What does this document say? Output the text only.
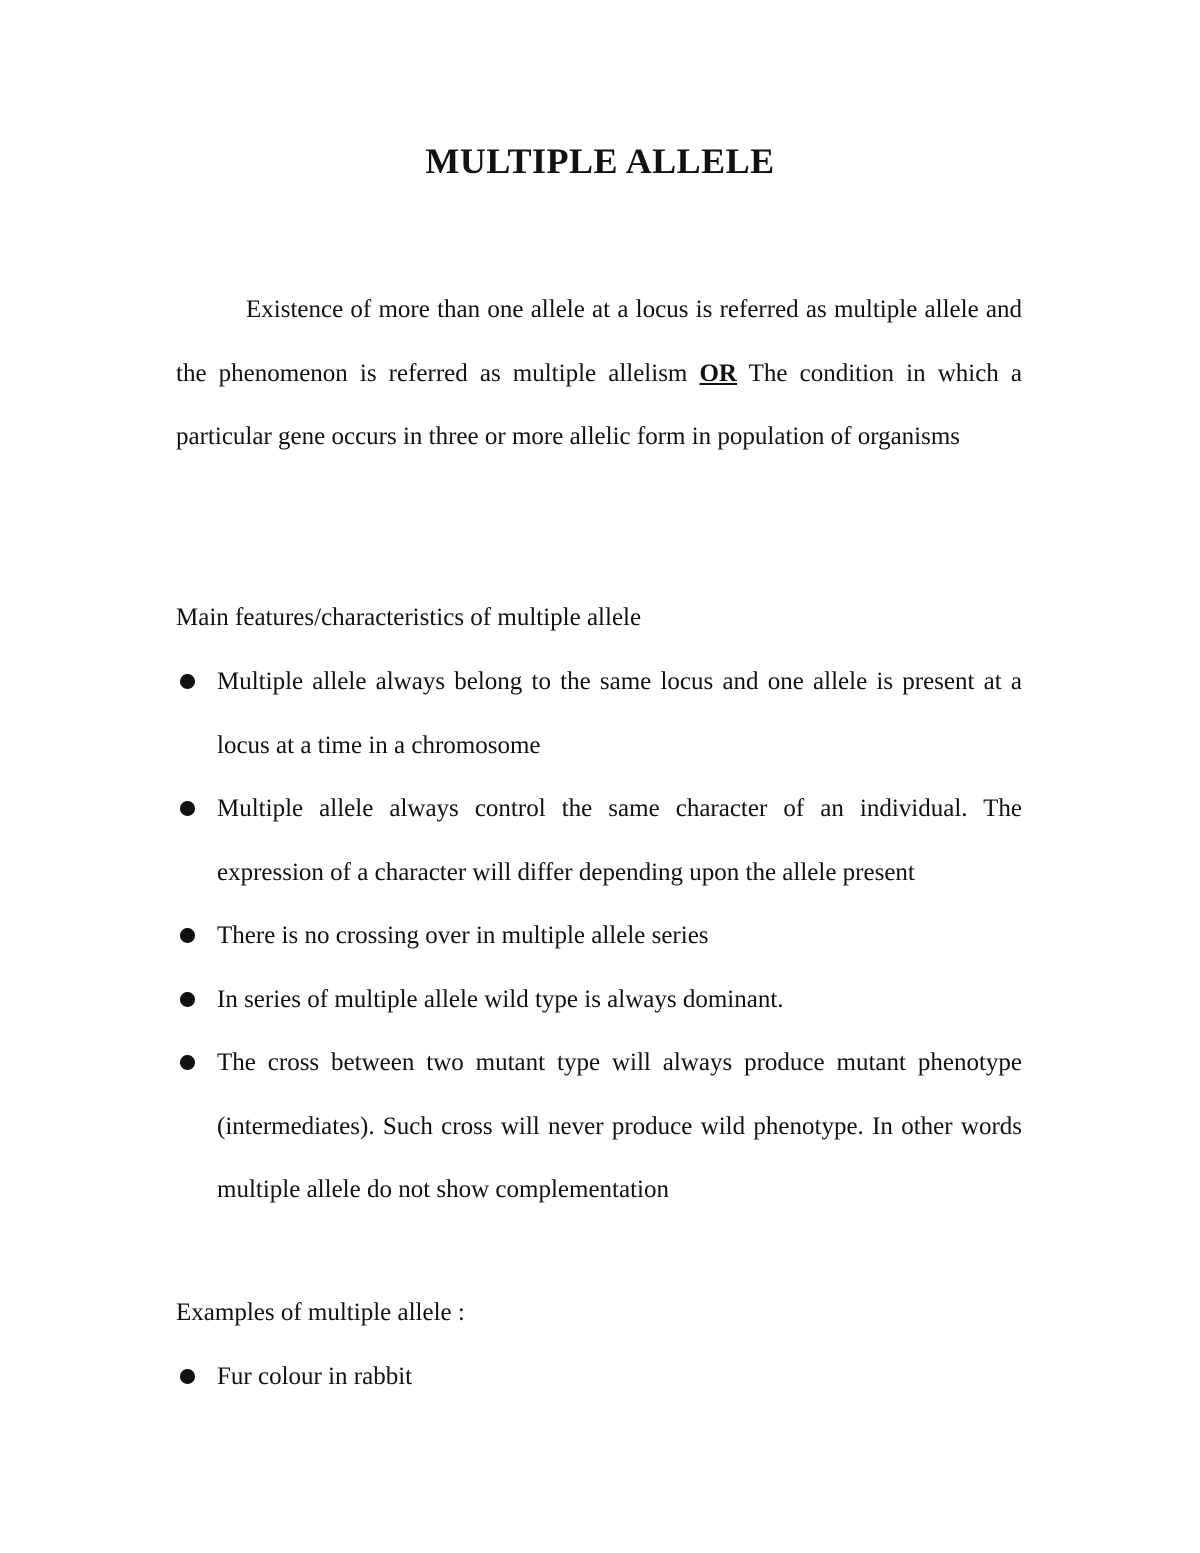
MULTIPLE ALLELE

Existence of more than one allele at a locus is referred as multiple allele and the phenomenon is referred as multiple allelism OR The condition in which a particular gene occurs in three or more allelic form in population of organisms

Main features/characteristics of multiple allele
Multiple allele always belong to the same locus and one allele is present at a locus at a time in a chromosome
Multiple allele always control the same character of an individual. The expression of a character will differ depending upon the allele present
There is no crossing over in multiple allele series
In series of multiple allele wild type is always dominant.
The cross between two mutant type will always produce mutant phenotype (intermediates). Such cross will never produce wild phenotype. In other words multiple allele do not show complementation
Examples of multiple allele :
Fur colour in rabbit
